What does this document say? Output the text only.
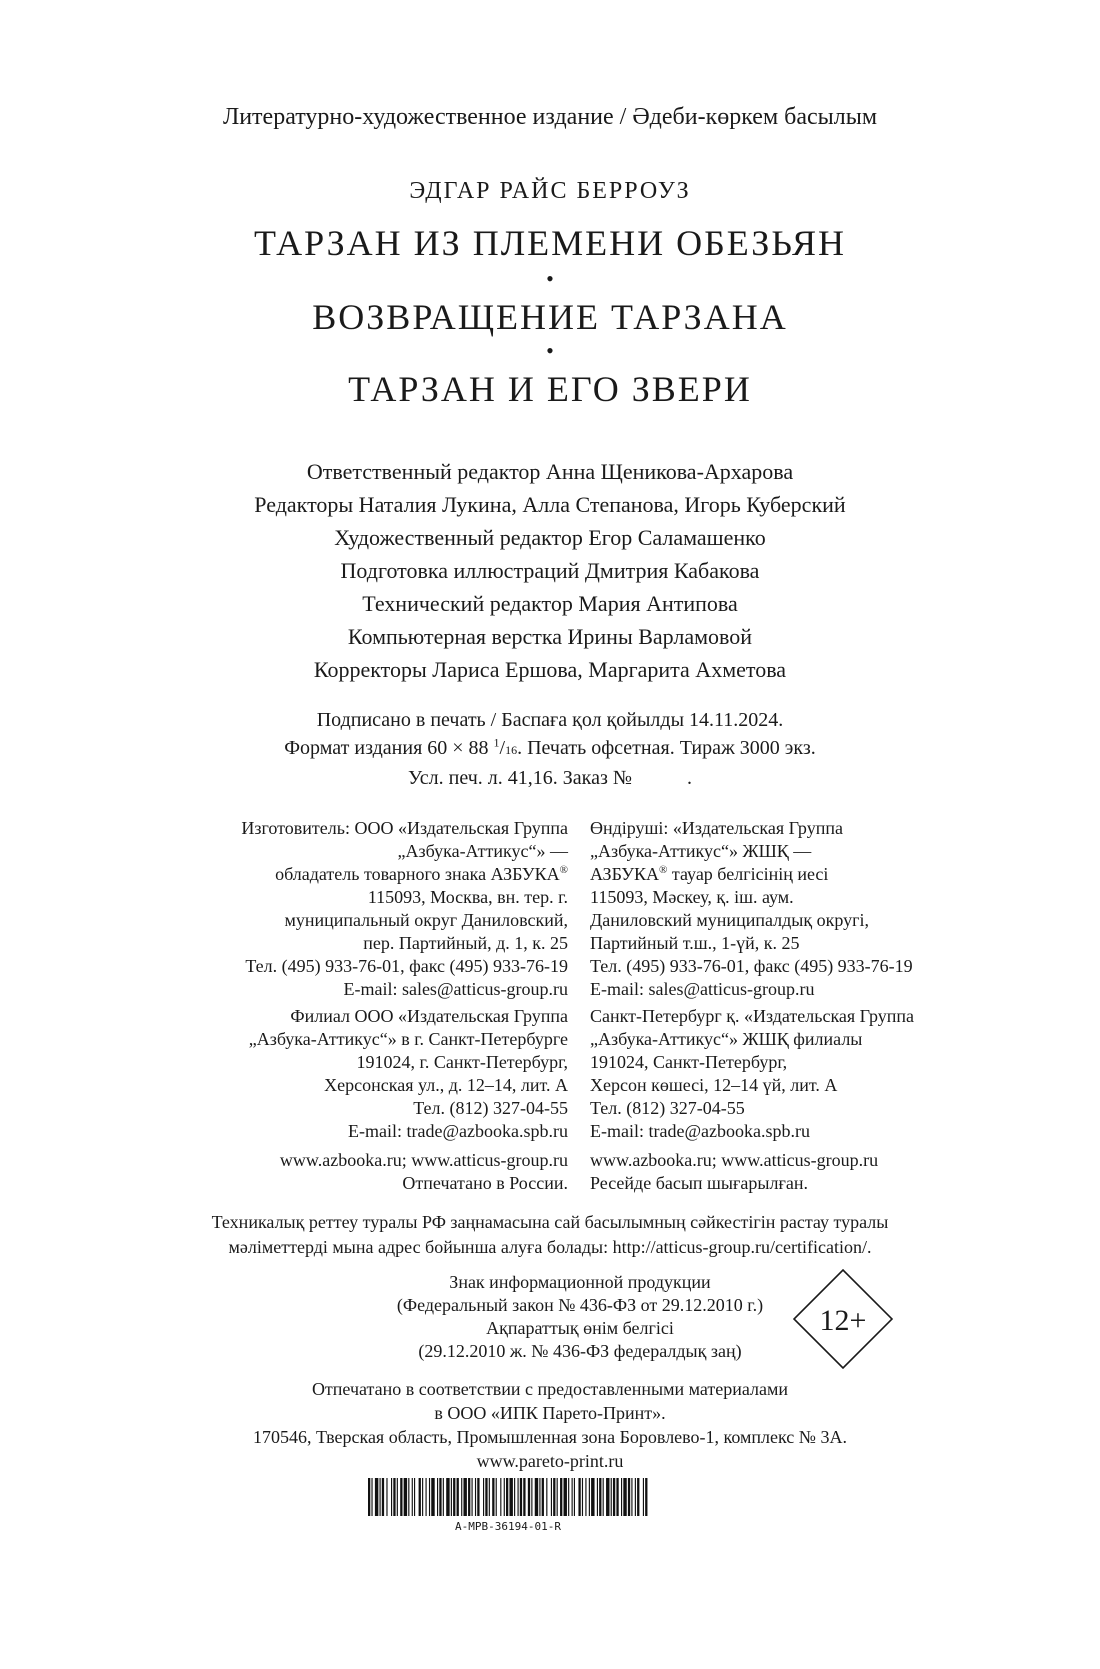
Литературно-художественное издание / Әдеби-көркем басылым
ЭДГАР РАЙС БЕРРОУЗ
ТАРЗАН ИЗ ПЛЕМЕНИ ОБЕЗЬЯН
•
ВОЗВРАЩЕНИЕ ТАРЗАНА
•
ТАРЗАН И ЕГО ЗВЕРИ
Ответственный редактор Анна Щеникова-Архарова
Редакторы Наталия Лукина, Алла Степанова, Игорь Куберский
Художественный редактор Егор Саламашенко
Подготовка иллюстраций Дмитрия Кабакова
Технический редактор Мария Антипова
Компьютерная верстка Ирины Варламовой
Корректоры Лариса Ершова, Маргарита Ахметова
Подписано в печать / Баспаға қол қойылды 14.11.2024.
Формат издания 60 × 88 $^1$/16. Печать офсетная. Тираж 3000 экз.
Усл. печ. л. 41,16. Заказ №           .
Изготовитель: ООО «Издательская Группа
„Азбука-Аттикус“» —
обладатель товарного знака АЗБУКА®
115093, Москва, вн. тер. г.
муниципальный округ Даниловский,
пер. Партийный, д. 1, к. 25
Тел. (495) 933-76-01, факс (495) 933-76-19
E-mail: sales@atticus-group.ru
Өндіруші: «Издательская Группа
„Азбука-Аттикус“» ЖШҚ —
АЗБУКА® тауар белгісінің иесі
115093, Мәскеу, қ. іш. аум.
Даниловский муниципалдық округі,
Партийный т.ш., 1-үй, к. 25
Тел. (495) 933-76-01, факс (495) 933-76-19
E-mail: sales@atticus-group.ru
Филиал ООО «Издательская Группа
„Азбука-Аттикус“» в г. Санкт-Петербурге
191024, г. Санкт-Петербург,
Херсонская ул., д. 12–14, лит. А
Тел. (812) 327-04-55
E-mail: trade@azbooka.spb.ru
Санкт-Петербург қ. «Издательская Группа
„Азбука-Аттикус“» ЖШҚ филиалы
191024, Санкт-Петербург,
Херсон көшесі, 12–14 үй, лит. А
Тел. (812) 327-04-55
E-mail: trade@azbooka.spb.ru
www.azbooka.ru; www.atticus-group.ru
Отпечатано в России.
www.azbooka.ru; www.atticus-group.ru
Ресейде басып шығарылған.
Техникалық реттеу туралы РФ заңнамасына сай басылымның сәйкестігін растау туралы
мәліметтерді мына адрес бойынша алуға болады: http://atticus-group.ru/certification/.
Знак информационной продукции
(Федеральный закон № 436-ФЗ от 29.12.2010 г.)
Ақпараттық өнім белгісі
(29.12.2010 ж. № 436-ФЗ федералдық заң)
12+
Отпечатано в соответствии с предоставленными материалами
в ООО «ИПК Парето-Принт».
170546, Тверская область, Промышленная зона Боровлево-1, комплекс № 3А.
www.pareto-print.ru
A-MPB-36194-01-R
